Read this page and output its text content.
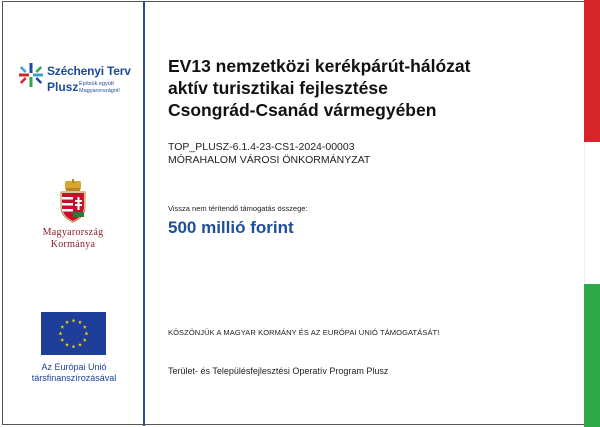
Széchenyi Terv
Plusz Építsük együtt
Magyarországot!
Magyarország
Kormánya
Az Európai Unió
társfinanszírozásával
EV13 nemzetközi kerékpárút-hálózat
aktív turisztikai fejlesztése
Csongrád-Csanád vármegyében
TOP_PLUSZ-6.1.4-23-CS1-2024-00003
MÓRAHALOM VÁROSI ÖNKORMÁNYZAT
Vissza nem térítendő támogatás összege:
500 millió forint
KÖSZÖNJÜK A MAGYAR KORMÁNY ÉS AZ EURÓPAI UNIÓ TÁMOGATÁSÁT!
Terület- és Településfejlesztési Operatív Program Plusz
